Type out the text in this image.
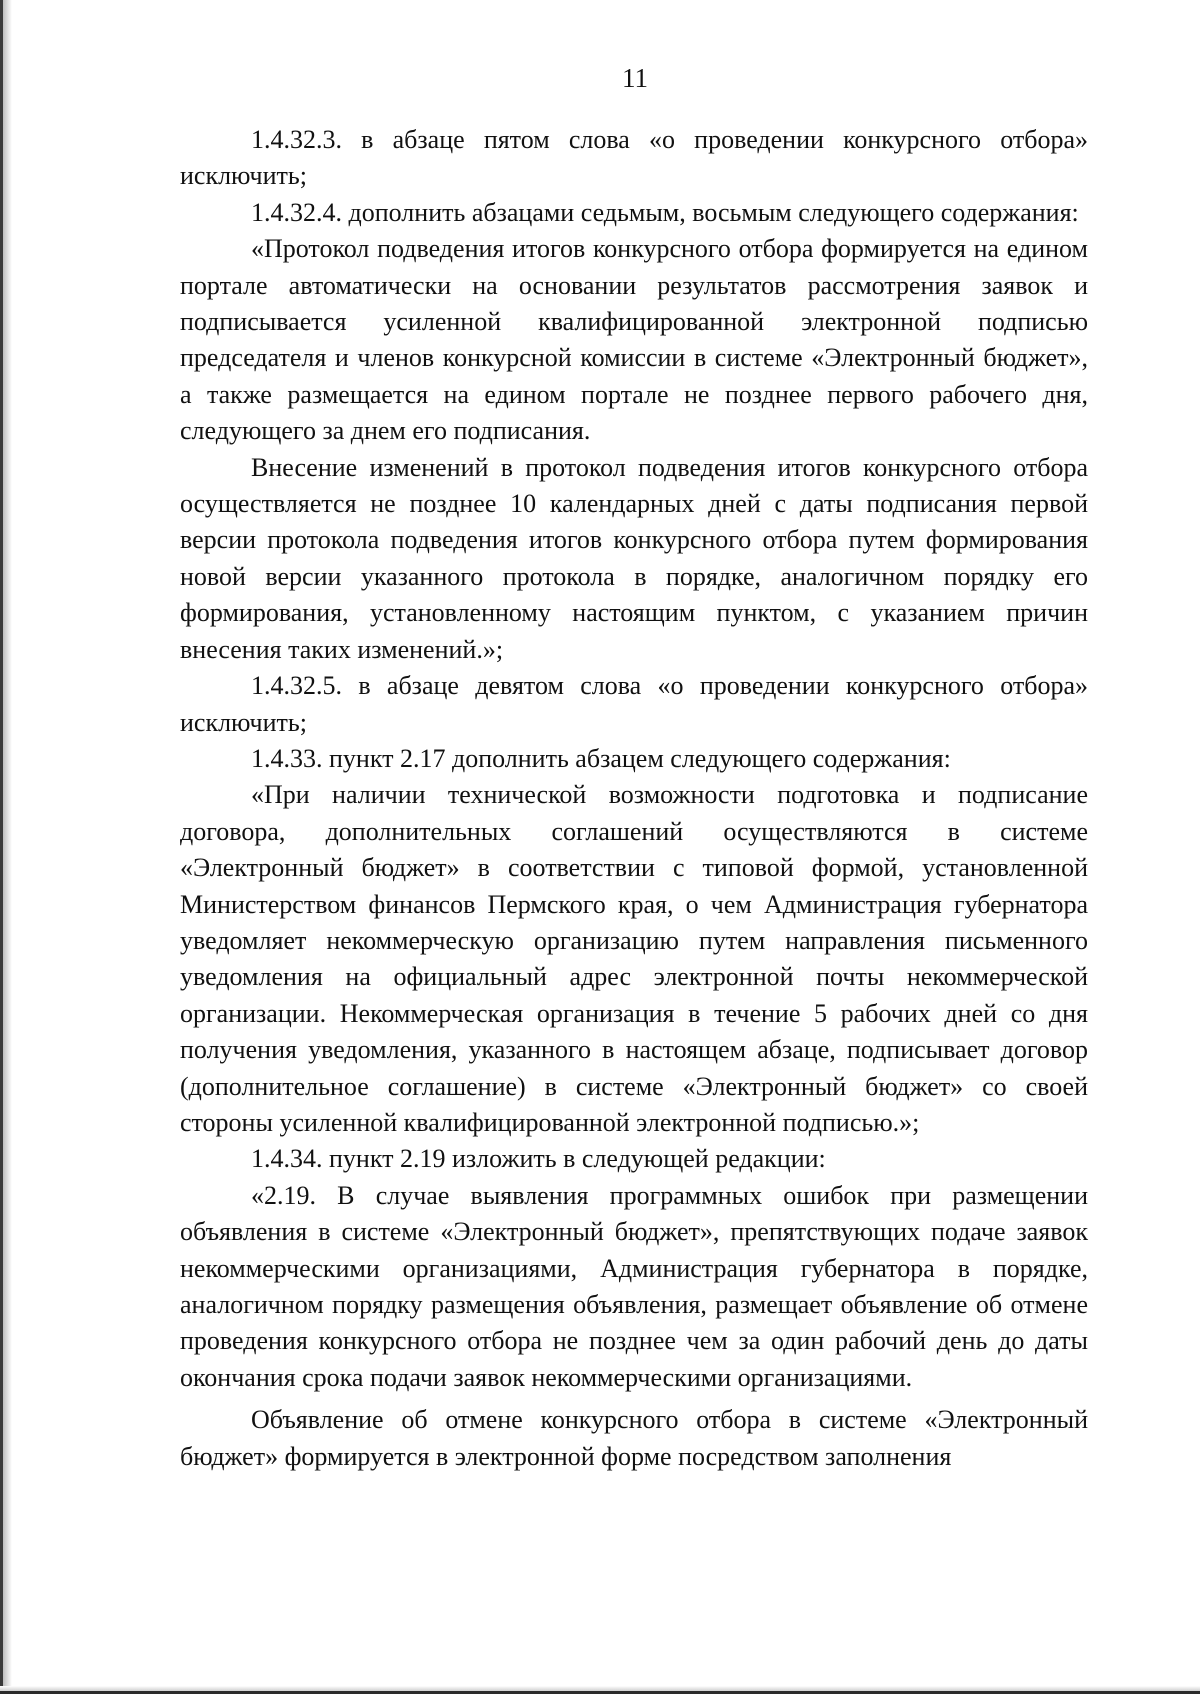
11

1.4.32.3. в абзаце пятом слова «о проведении конкурсного отбора» исключить;

1.4.32.4. дополнить абзацами седьмым, восьмым следующего содержания:

«Протокол подведения итогов конкурсного отбора формируется на едином портале автоматически на основании результатов рассмотрения заявок и подписывается усиленной квалифицированной электронной подписью председателя и членов конкурсной комиссии в системе «Электронный бюджет», а также размещается на едином портале не позднее первого рабочего дня, следующего за днем его подписания.

Внесение изменений в протокол подведения итогов конкурсного отбора осуществляется не позднее 10 календарных дней с даты подписания первой версии протокола подведения итогов конкурсного отбора путем формирования новой версии указанного протокола в порядке, аналогичном порядку его формирования, установленному настоящим пунктом, с указанием причин внесения таких изменений.»;

1.4.32.5. в абзаце девятом слова «о проведении конкурсного отбора» исключить;

1.4.33. пункт 2.17 дополнить абзацем следующего содержания:

«При наличии технической возможности подготовка и подписание договора, дополнительных соглашений осуществляются в системе «Электронный бюджет» в соответствии с типовой формой, установленной Министерством финансов Пермского края, о чем Администрация губернатора уведомляет некоммерческую организацию путем направления письменного уведомления на официальный адрес электронной почты некоммерческой организации. Некоммерческая организация в течение 5 рабочих дней со дня получения уведомления, указанного в настоящем абзаце, подписывает договор (дополнительное соглашение) в системе «Электронный бюджет» со своей стороны усиленной квалифицированной электронной подписью.»;

1.4.34. пункт 2.19 изложить в следующей редакции:

«2.19. В случае выявления программных ошибок при размещении объявления в системе «Электронный бюджет», препятствующих подаче заявок некоммерческими организациями, Администрация губернатора в порядке, аналогичном порядку размещения объявления, размещает объявление об отмене проведения конкурсного отбора не позднее чем за один рабочий день до даты окончания срока подачи заявок некоммерческими организациями.

Объявление об отмене конкурсного отбора в системе «Электронный бюджет» формируется в электронной форме посредством заполнения
